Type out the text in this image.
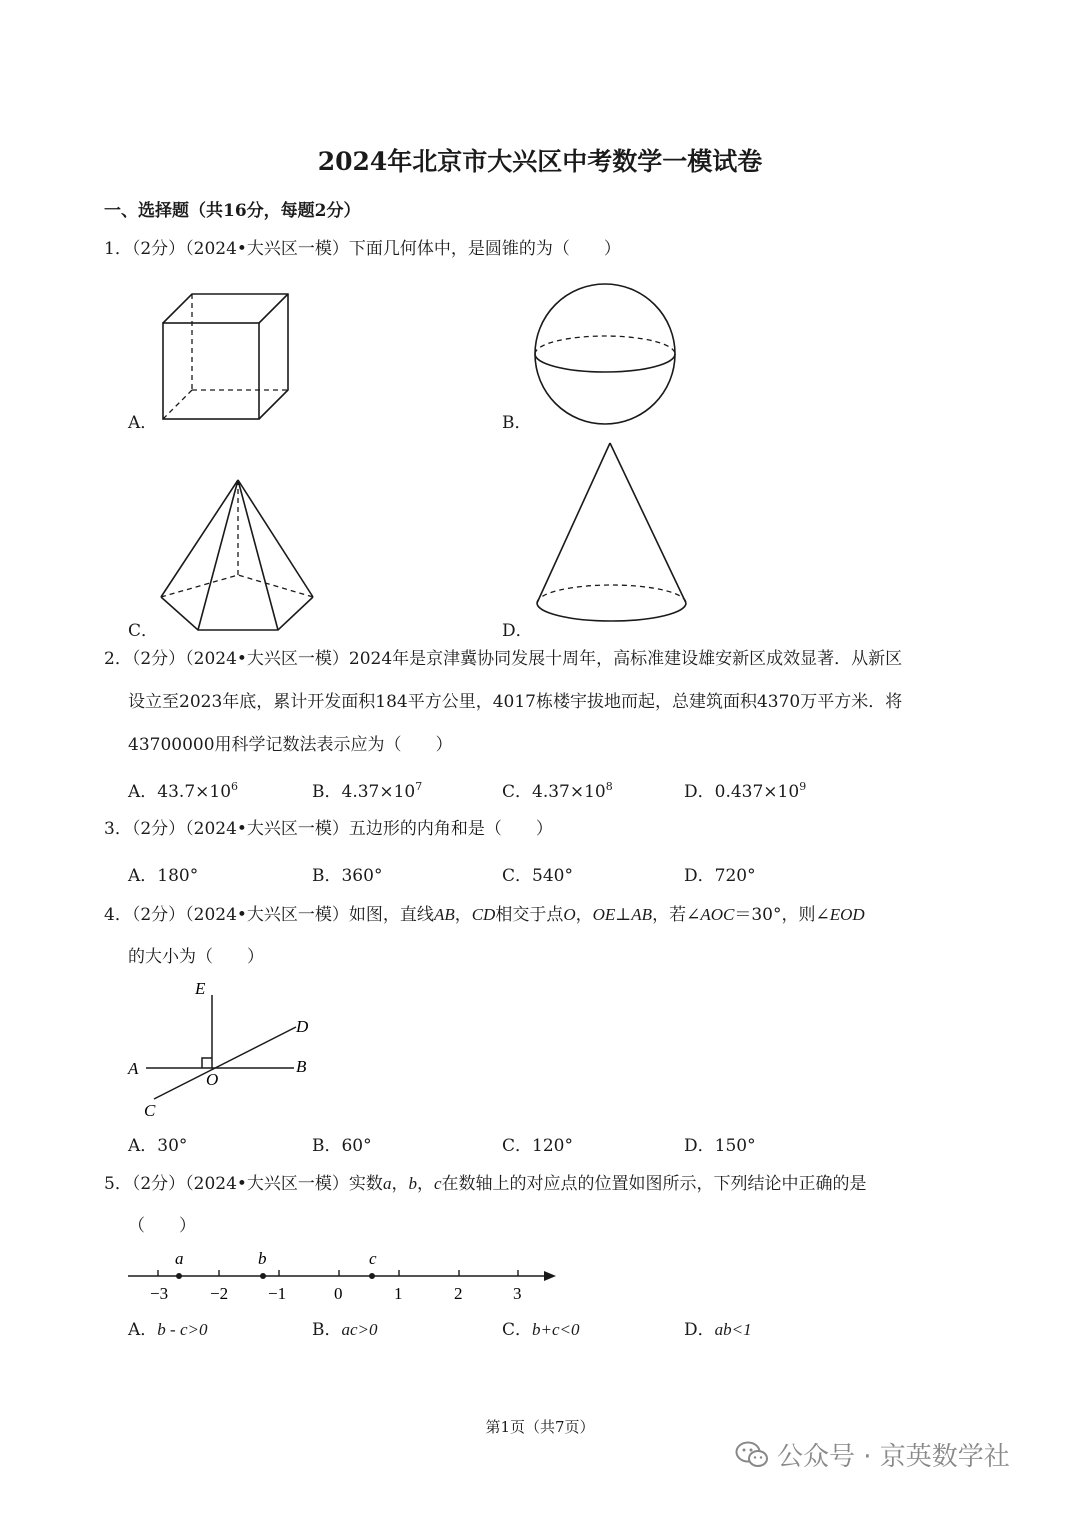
2024年北京市大兴区中考数学一模试卷
一、选择题（共16分，每题2分）
1．（2分）（2024•大兴区一模）下面几何体中，是圆锥的为（　　）
A．	B．
C．	D．
2．（2分）（2024•大兴区一模）2024年是京津冀协同发展十周年，高标准建设雄安新区成效显著．从新区
设立至2023年底，累计开发面积184平方公里，4017栋楼宇拔地而起，总建筑面积4370万平方米．将
43700000用科学记数法表示应为（　　）
A．$43.7\times 10^6$	B．$4.37\times 10^7$	C．$4.37\times 10^8$	D．$0.437\times 10^9$
3．（2分）（2024•大兴区一模）五边形的内角和是（　　）
A．180°	B．360°	C．540°	D．720°
4．（2分）（2024•大兴区一模）如图，直线AB，CD相交于点O，OE⊥AB，若∠AOC＝30°，则∠EOD
的大小为（　　）
E
D
A
O
B
C
A．30°	B．60°	C．120°	D．150°
5．（2分）（2024•大兴区一模）实数a，b，c在数轴上的对应点的位置如图所示，下列结论中正确的是
（　　）
−3 −2 −1	0	1	2	3
a	b	c
A．b - c>0	B．ac>0	C．b+c<0	D．ab<1
第1页（共7页）
公众号 · 京英数学社
